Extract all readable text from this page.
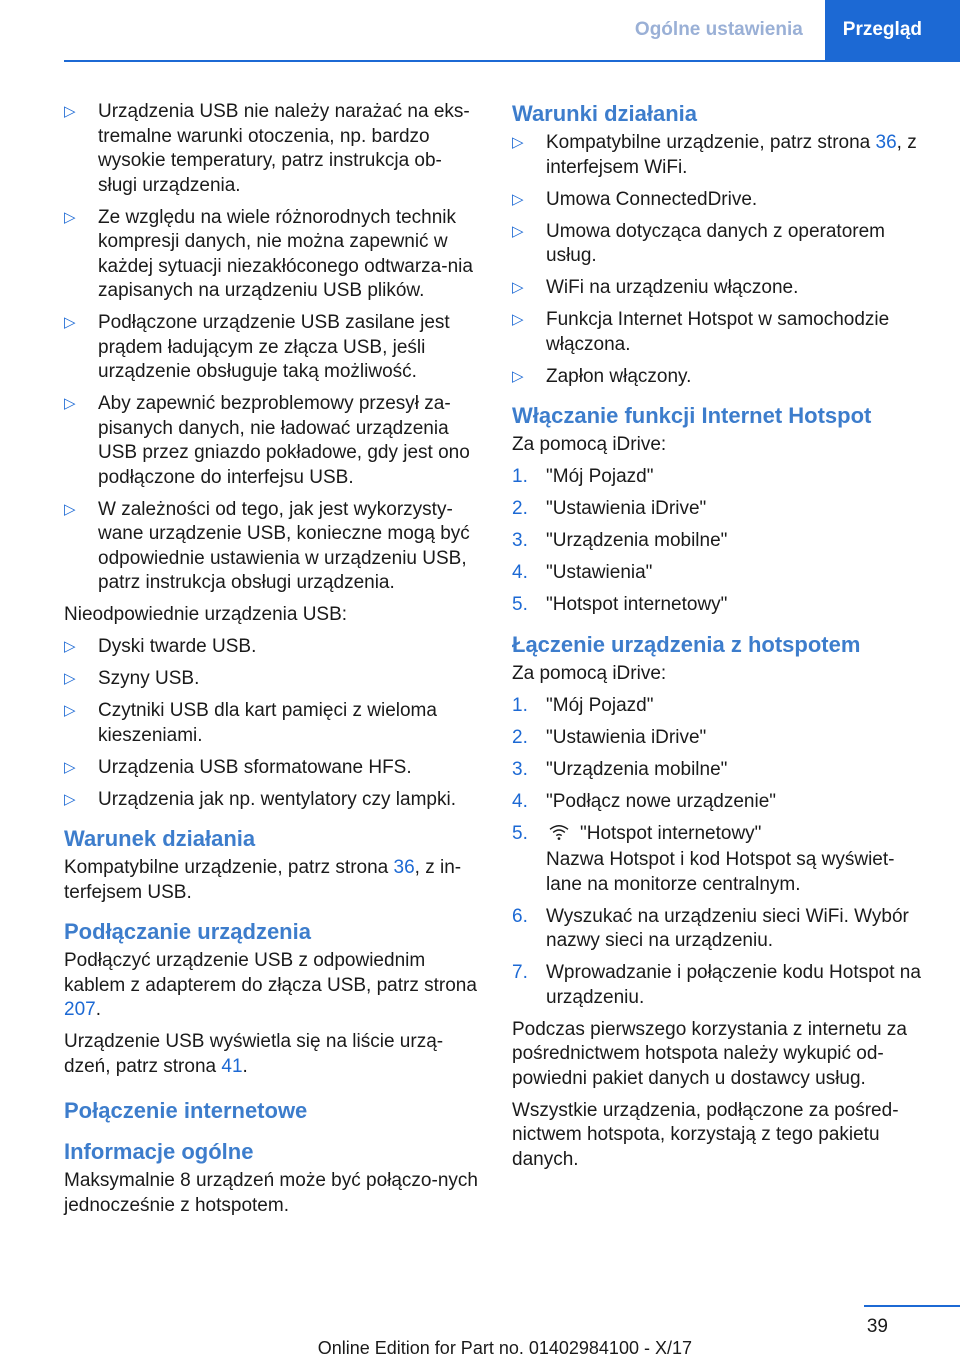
Ogólne ustawienia	Przegląd
▷	Urządzenia USB nie należy narażać na eks-tremalne warunki otoczenia, np. bardzo wysokie temperatury, patrz instrukcja ob-sługi urządzenia.
▷	Ze względu na wiele różnorodnych technik kompresji danych, nie można zapewnić w każdej sytuacji niezakłóconego odtwarza-nia zapisanych na urządzeniu USB plików.
▷	Podłączone urządzenie USB zasilane jest prądem ładującym ze złącza USB, jeśli urządzenie obsługuje taką możliwość.
▷	Aby zapewnić bezproblemowy przesył za-pisanych danych, nie ładować urządzenia USB przez gniazdo pokładowe, gdy jest ono podłączone do interfejsu USB.
▷	W zależności od tego, jak jest wykorzysty-wane urządzenie USB, konieczne mogą być odpowiednie ustawienia w urządzeniu USB, patrz instrukcja obsługi urządzenia.

Nieodpowiednie urządzenia USB:

▷	Dyski twarde USB.
▷	Szyny USB.
▷	Czytniki USB dla kart pamięci z wieloma kieszeniami.
▷	Urządzenia USB sformatowane HFS.
▷	Urządzenia jak np. wentylatory czy lampki.
Warunek działania

Kompatybilne urządzenie, patrz strona 36, z in-terfejsem USB.

Podłączanie urządzenia

Podłączyć urządzenie USB z odpowiednim kablem z adapterem do złącza USB, patrz strona 207.

Urządzenie USB wyświetla się na liście urzą-dzeń, patrz strona 41.

Połączenie internetowe
Informacje ogólne

Maksymalnie 8 urządzeń może być połączo-nych jednocześnie z hotspotem.

Warunki działania
▷	Kompatybilne urządzenie, patrz strona 36, z interfejsem WiFi.
▷	Umowa ConnectedDrive.
▷	Umowa dotycząca danych z operatorem usług.
▷	WiFi na urządzeniu włączone.
▷	Funkcja Internet Hotspot w samochodzie włączona.
▷	Zapłon włączony.
Włączanie funkcji Internet Hotspot

Za pomocą iDrive:

1. "Mój Pojazd"
2. "Ustawienia iDrive"
3. "Urządzenia mobilne"
4. "Ustawienia"
5. "Hotspot internetowy"
Łączenie urządzenia z hotspotem

Za pomocą iDrive:

1. "Mój Pojazd"
2. "Ustawienia iDrive"
3. "Urządzenia mobilne"
4. "Podłącz nowe urządzenie"
5.	"Hotspot internetowy"

Nazwa Hotspot i kod Hotspot są wyświet-lane na monitorze centralnym.

6. Wyszukać na urządzeniu sieci WiFi. Wybór nazwy sieci na urządzeniu.
7. Wprowadzanie i połączenie kodu Hotspot na urządzeniu.

Podczas pierwszego korzystania z internetu za pośrednictwem hotspota należy wykupić od-powiedni pakiet danych u dostawcy usług.

Wszystkie urządzenia, podłączone za pośred-nictwem hotspota, korzystają z tego pakietu danych.

39
Online Edition for Part no. 01402984100 - X/17
